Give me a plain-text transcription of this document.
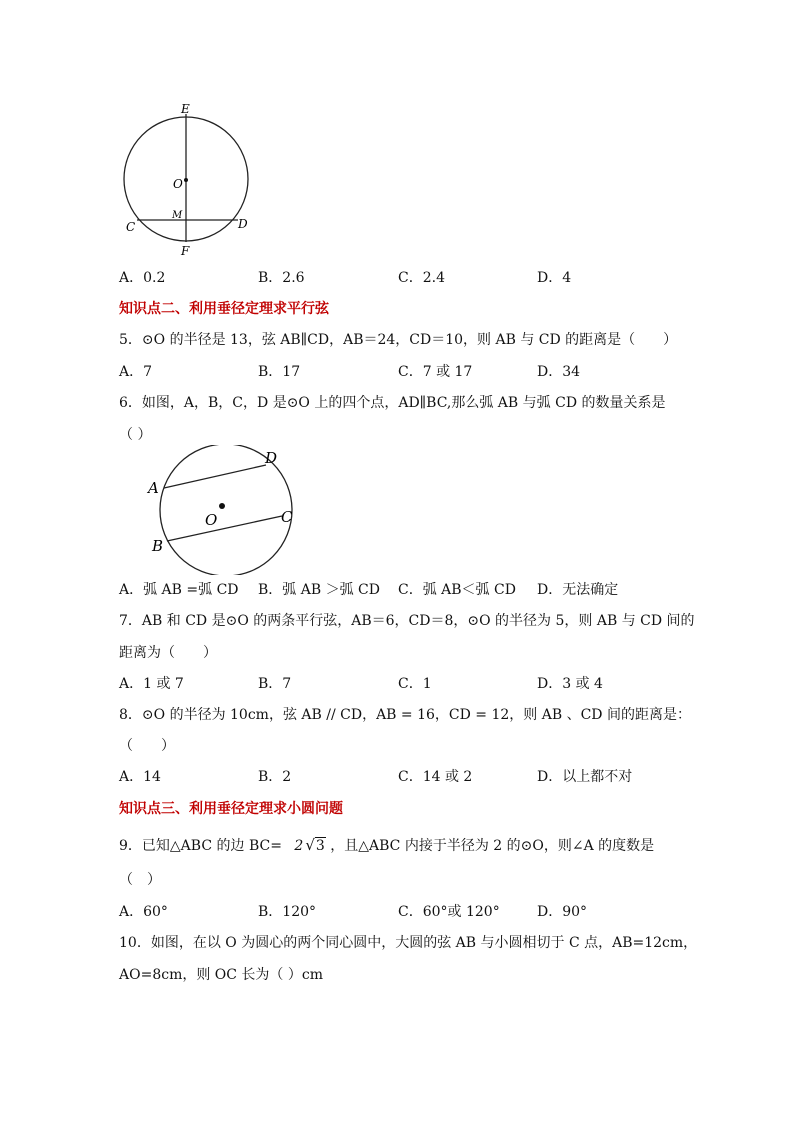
E
O
M
C	D
F
A．0.2	B．2.6	C．2.4	D．4
知识点二、利用垂径定理求平行弦
5．⊙O 的半径是 13，弦 AB∥CD，AB＝24，CD＝10，则 AB 与 CD 的距离是（　　）
A．7	B．17	C．7 或 17	D．34
6．如图，A，B，C，D 是⊙O 上的四个点，AD∥BC,那么弧 AB 与弧 CD 的数量关系是
（ ）
A
D
C
B
O
A．弧 AB =弧 CD B．弧 AB ＞弧 CD C．弧 AB＜弧 CD D．无法确定
7．AB 和 CD 是⊙O 的两条平行弦，AB＝6，CD＝8，⊙O 的半径为 5，则 AB 与 CD 间的
距离为（　　）
A．1 或 7	B．7	C．1	D．3 或 4
8．⊙O 的半径为 10cm，弦 AB // CD，AB = 16，CD = 12，则 AB 、CD 间的距离是：
（　　）
A．14	B．2	C．14 或 2	D．以上都不对
知识点三、利用垂径定理求小圆问题
9．已知△ABC 的边 BC= 2 √3 ，且△ABC 内接于半径为 2 的⊙O，则∠A 的度数是
（　）
A．60°	B．120°	C．60°或 120°	D．90°
10．如图，在以 O 为圆心的两个同心圆中，大圆的弦 AB 与小圆相切于 C 点，AB=12cm，
AO=8cm，则 OC 长为（ ）cm
